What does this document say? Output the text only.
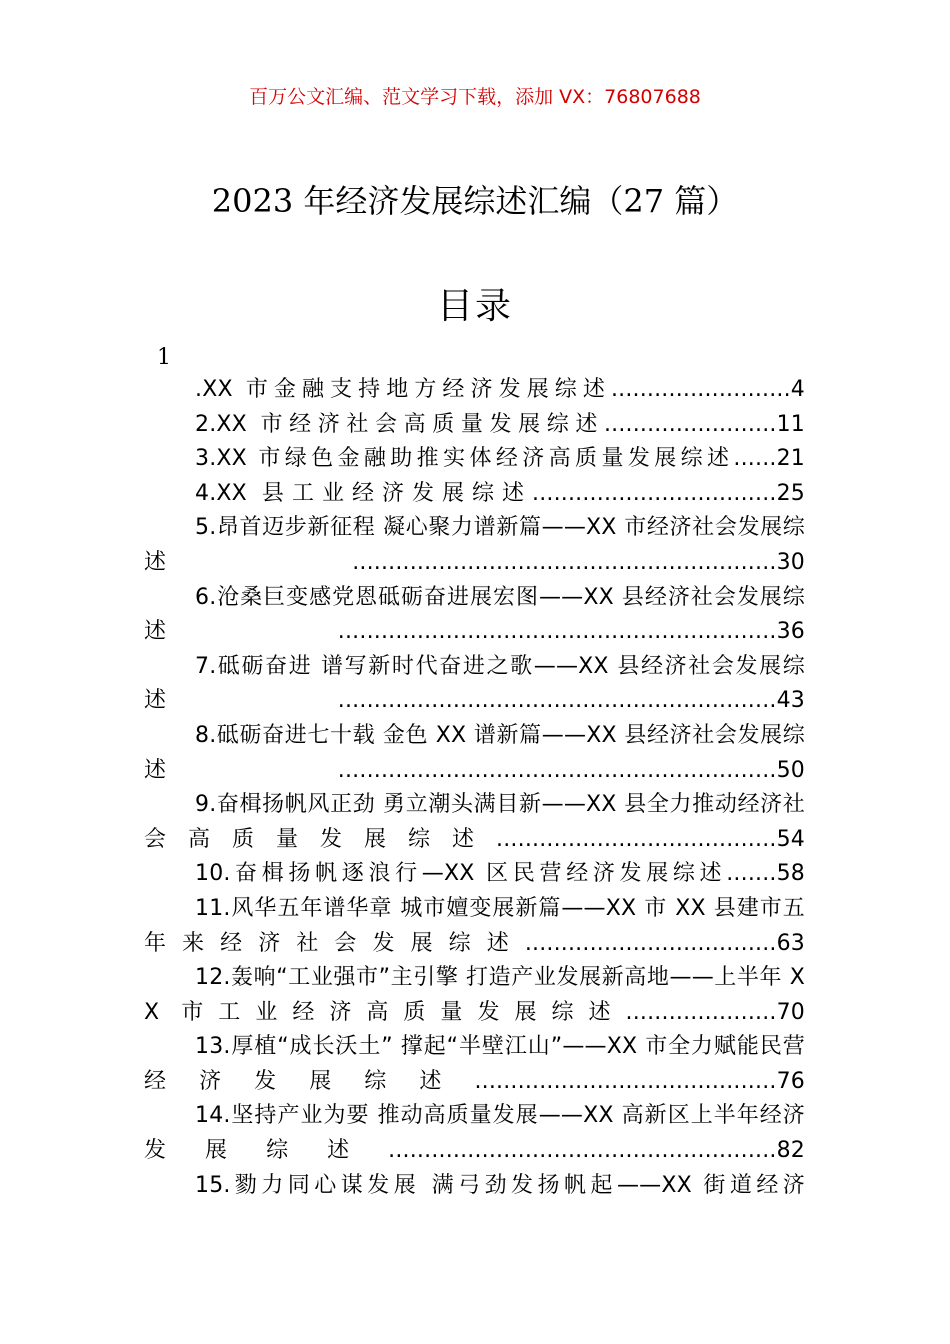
百万公文汇编、范文学习下载，添加 VX：76807688
2023 年经济发展综述汇编（27 篇）
目录
1
.XX 市金融支持地方经济发展综述.........................4
2.XX 市经济社会高质量发展综述........................11
3.XX 市绿色金融助推实体经济高质量发展综述......21
4.XX 县工业经济发展综述..................................25
5.昂首迈步新征程 凝心聚力谱新篇——XX 市经济社会发展综述...........................................................30
6.沧桑巨变感党恩砥砺奋进展宏图——XX 县经济社会发展综述.............................................................36
7.砥砺奋进 谱写新时代奋进之歌——XX 县经济社会发展综述.............................................................43
8.砥砺奋进七十载 金色 XX 谱新篇——XX 县经济社会发展综述.............................................................50
9.奋楫扬帆风正劲 勇立潮头满目新——XX 县全力推动经济社会高质量发展综述.......................................54
10.奋楫扬帆逐浪行—XX 区民营经济发展综述.......58
11.风华五年谱华章 城市嬗变展新篇——XX 市 XX 县建市五年来经济社会发展综述...................................63
12.轰响“工业强市”主引擎 打造产业发展新高地——上半年 XX 市工业经济高质量发展综述.....................70
13.厚植“成长沃土” 撑起“半壁江山”——XX 市全力赋能民营经济发展综述..........................................76
14.坚持产业为要 推动高质量发展——XX 高新区上半年经济发展综述......................................................82
15.勠力同心谋发展 满弓劲发扬帆起——XX 街道经济
